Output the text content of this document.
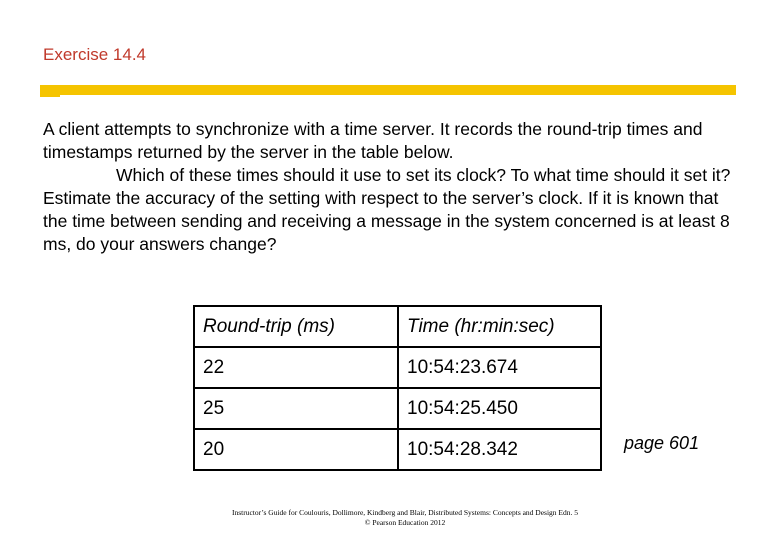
Exercise 14.4

A client attempts to synchronize with a time server. It records the round-trip times and timestamps returned by the server in the table below.

Which of these times should it use to set its clock? To what time should it set it? Estimate the accuracy of the setting with respect to the server’s clock. If it is known that the time between sending and receiving a message in the system concerned is at least 8 ms, do your answers change?

Round-trip (ms)	Time (hr:min:sec)
22	10:54:23.674
25	10:54:25.450
20	10:54:28.342	page 601
Instructor’s Guide for Coulouris, Dollimore, Kindberg and Blair, Distributed Systems: Concepts and Design Edn. 5
© Pearson Education 2012
